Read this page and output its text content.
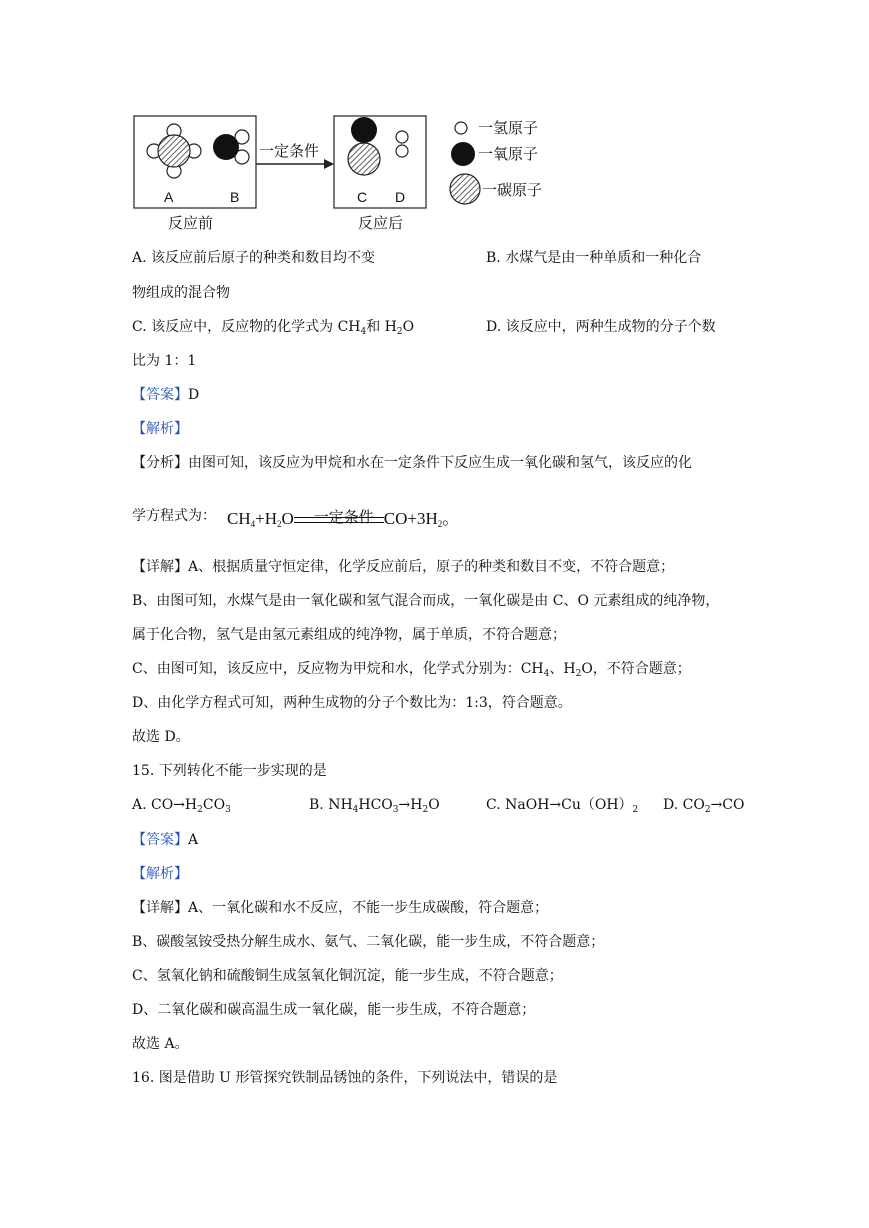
A	B
反应前
一定条件
C D
反应后
一氢原子
一氧原子
一碳原子
A. 该反应前后原子的种类和数目均不变	B. 水煤气是由一种单质和一种化合
物组成的混合物
C. 该反应中，反应物的化学式为 $CH_4$和 $H_2O$	D. 该反应中，两种生成物的分子个数
比为 1：1
【答案】D
【解析】
【分析】由图可知，该反应为甲烷和水在一定条件下反应生成一氧化碳和氢气，该反应的化
学方程式为： $CH_4+H_2O$ 一定条件 $CO+3H_2$。
【详解】A、根据质量守恒定律，化学反应前后，原子的种类和数目不变，不符合题意；
B、由图可知，水煤气是由一氧化碳和氢气混合而成，一氧化碳是由 C、O 元素组成的纯净物，
属于化合物，氢气是由氢元素组成的纯净物，属于单质，不符合题意；
C、由图可知，该反应中，反应物为甲烷和水，化学式分别为：$CH_4$、$H_2O$，不符合题意；
D、由化学方程式可知，两种生成物的分子个数比为：1:3，符合题意。
故选 D。
15. 下列转化不能一步实现的是
A. $CO\to H_2CO_3$	B. $NH_4HCO_3\to H_2O$	C. $NaOH\to Cu(OH)_2$ D. $CO_2\to CO$
【答案】A
【解析】
【详解】A、一氧化碳和水不反应，不能一步生成碳酸，符合题意；
B、碳酸氢铵受热分解生成水、氨气、二氧化碳，能一步生成，不符合题意；
C、氢氧化钠和硫酸铜生成氢氧化铜沉淀，能一步生成，不符合题意；
D、二氧化碳和碳高温生成一氧化碳，能一步生成，不符合题意；
故选 A。
16. 图是借助 U 形管探究铁制品锈蚀的条件，下列说法中，错误的是
